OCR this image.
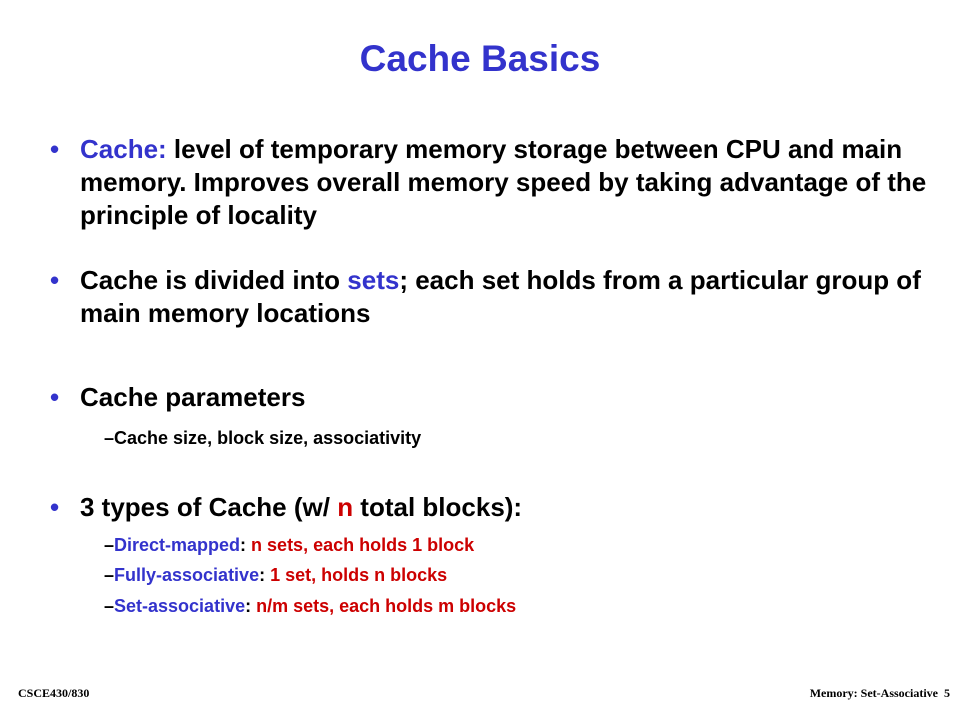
Cache Basics
• Cache: level of temporary memory storage between CPU and main memory. Improves overall memory speed by taking advantage of the principle of locality
• Cache is divided into sets; each set holds from a particular group of main memory locations
• Cache parameters
–Cache size, block size, associativity
• 3 types of Cache (w/ n total blocks):
–Direct-mapped: n sets, each holds 1 block
–Fully-associative: 1 set, holds n blocks
–Set-associative: n/m sets, each holds m blocks
CSCE430/830	Memory: Set-Associative  5
